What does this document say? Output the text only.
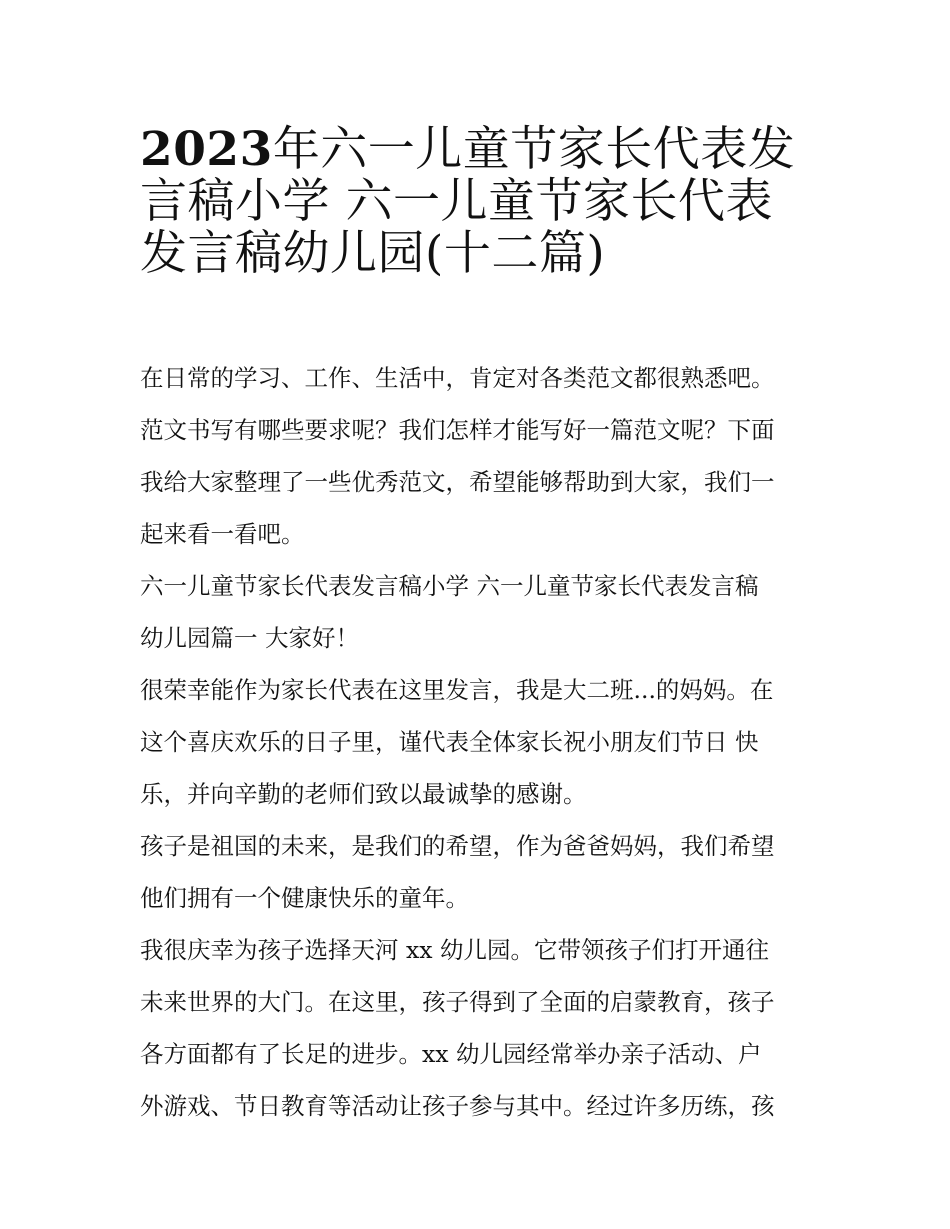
2023年六一儿童节家长代表发
言稿小学 六一儿童节家长代表
发言稿幼儿园(十二篇)
在日常的学习、工作、生活中，肯定对各类范文都很熟悉吧。
范文书写有哪些要求呢？我们怎样才能写好一篇范文呢？下面
我给大家整理了一些优秀范文，希望能够帮助到大家，我们一
起来看一看吧。
六一儿童节家长代表发言稿小学 六一儿童节家长代表发言稿
幼儿园篇一 大家好！
很荣幸能作为家长代表在这里发言，我是大二班...的妈妈。在
这个喜庆欢乐的日子里，谨代表全体家长祝小朋友们节日 快
乐，并向辛勤的老师们致以最诚挚的感谢。
孩子是祖国的未来，是我们的希望，作为爸爸妈妈，我们希望
他们拥有一个健康快乐的童年。
我很庆幸为孩子选择天河 xx 幼儿园。它带领孩子们打开通往
未来世界的大门。在这里，孩子得到了全面的启蒙教育，孩子
各方面都有了长足的进步。xx 幼儿园经常举办亲子活动、户
外游戏、节日教育等活动让孩子参与其中。经过许多历练，孩
